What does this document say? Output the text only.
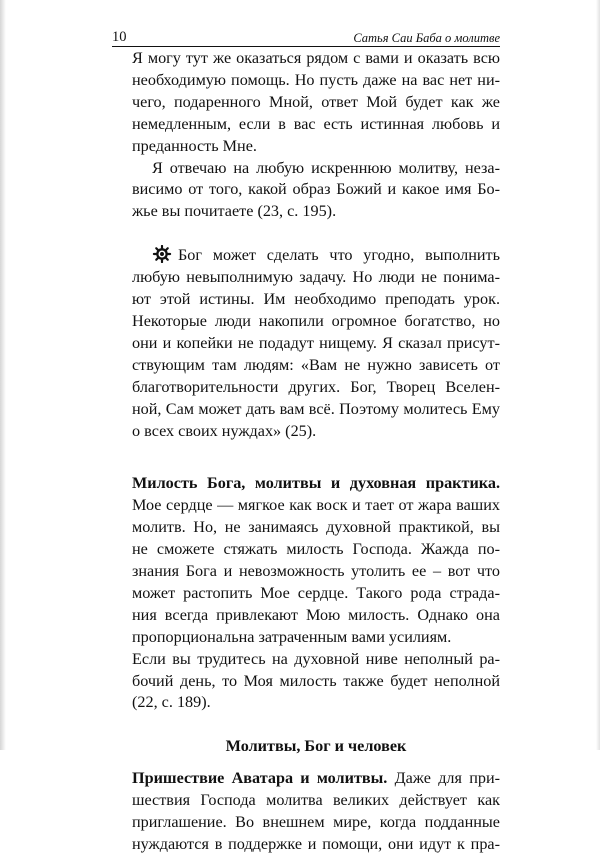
10	Сатья Саи Баба о молитве
Я могу тут же оказаться рядом с вами и оказать всю
необходимую помощь. Но пусть даже на вас нет ни-
чего, подаренного Мной, ответ Мой будет как же
немедленным, если в вас есть истинная любовь и
преданность Мне.
Я отвечаю на любую искреннюю молитву, неза-
висимо от того, какой образ Божий и какое имя Бо-
жье вы почитаете (23, с. 195).
Бог может сделать что угодно, выполнить
любую невыполнимую задачу. Но люди не понима-
ют этой истины. Им необходимо преподать урок.
Некоторые люди накопили огромное богатство, но
они и копейки не подадут нищему. Я сказал присут-
ствующим там людям: «Вам не нужно зависеть от
благотворительности других. Бог, Творец Вселен-
ной, Сам может дать вам всё. Поэтому молитесь Ему
о всех своих нуждах» (25).
Милость Бога, молитвы и духовная практика.
Мое сердце — мягкое как воск и тает от жара ваших
молитв. Но, не занимаясь духовной практикой, вы
не сможете стяжать милость Господа. Жажда по-
знания Бога и невозможность утолить ее – вот что
может растопить Мое сердце. Такого рода страда-
ния всегда привлекают Мою милость. Однако она
пропорциональна затраченным вами усилиям.
Если вы трудитесь на духовной ниве неполный ра-
бочий день, то Моя милость также будет неполной
(22, с. 189).
Молитвы, Бог и человек
Пришествие Аватара и молитвы. Даже для при-
шествия Господа молитва великих действует как
приглашение. Во внешнем мире, когда подданные
нуждаются в поддержке и помощи, они идут к пра-
